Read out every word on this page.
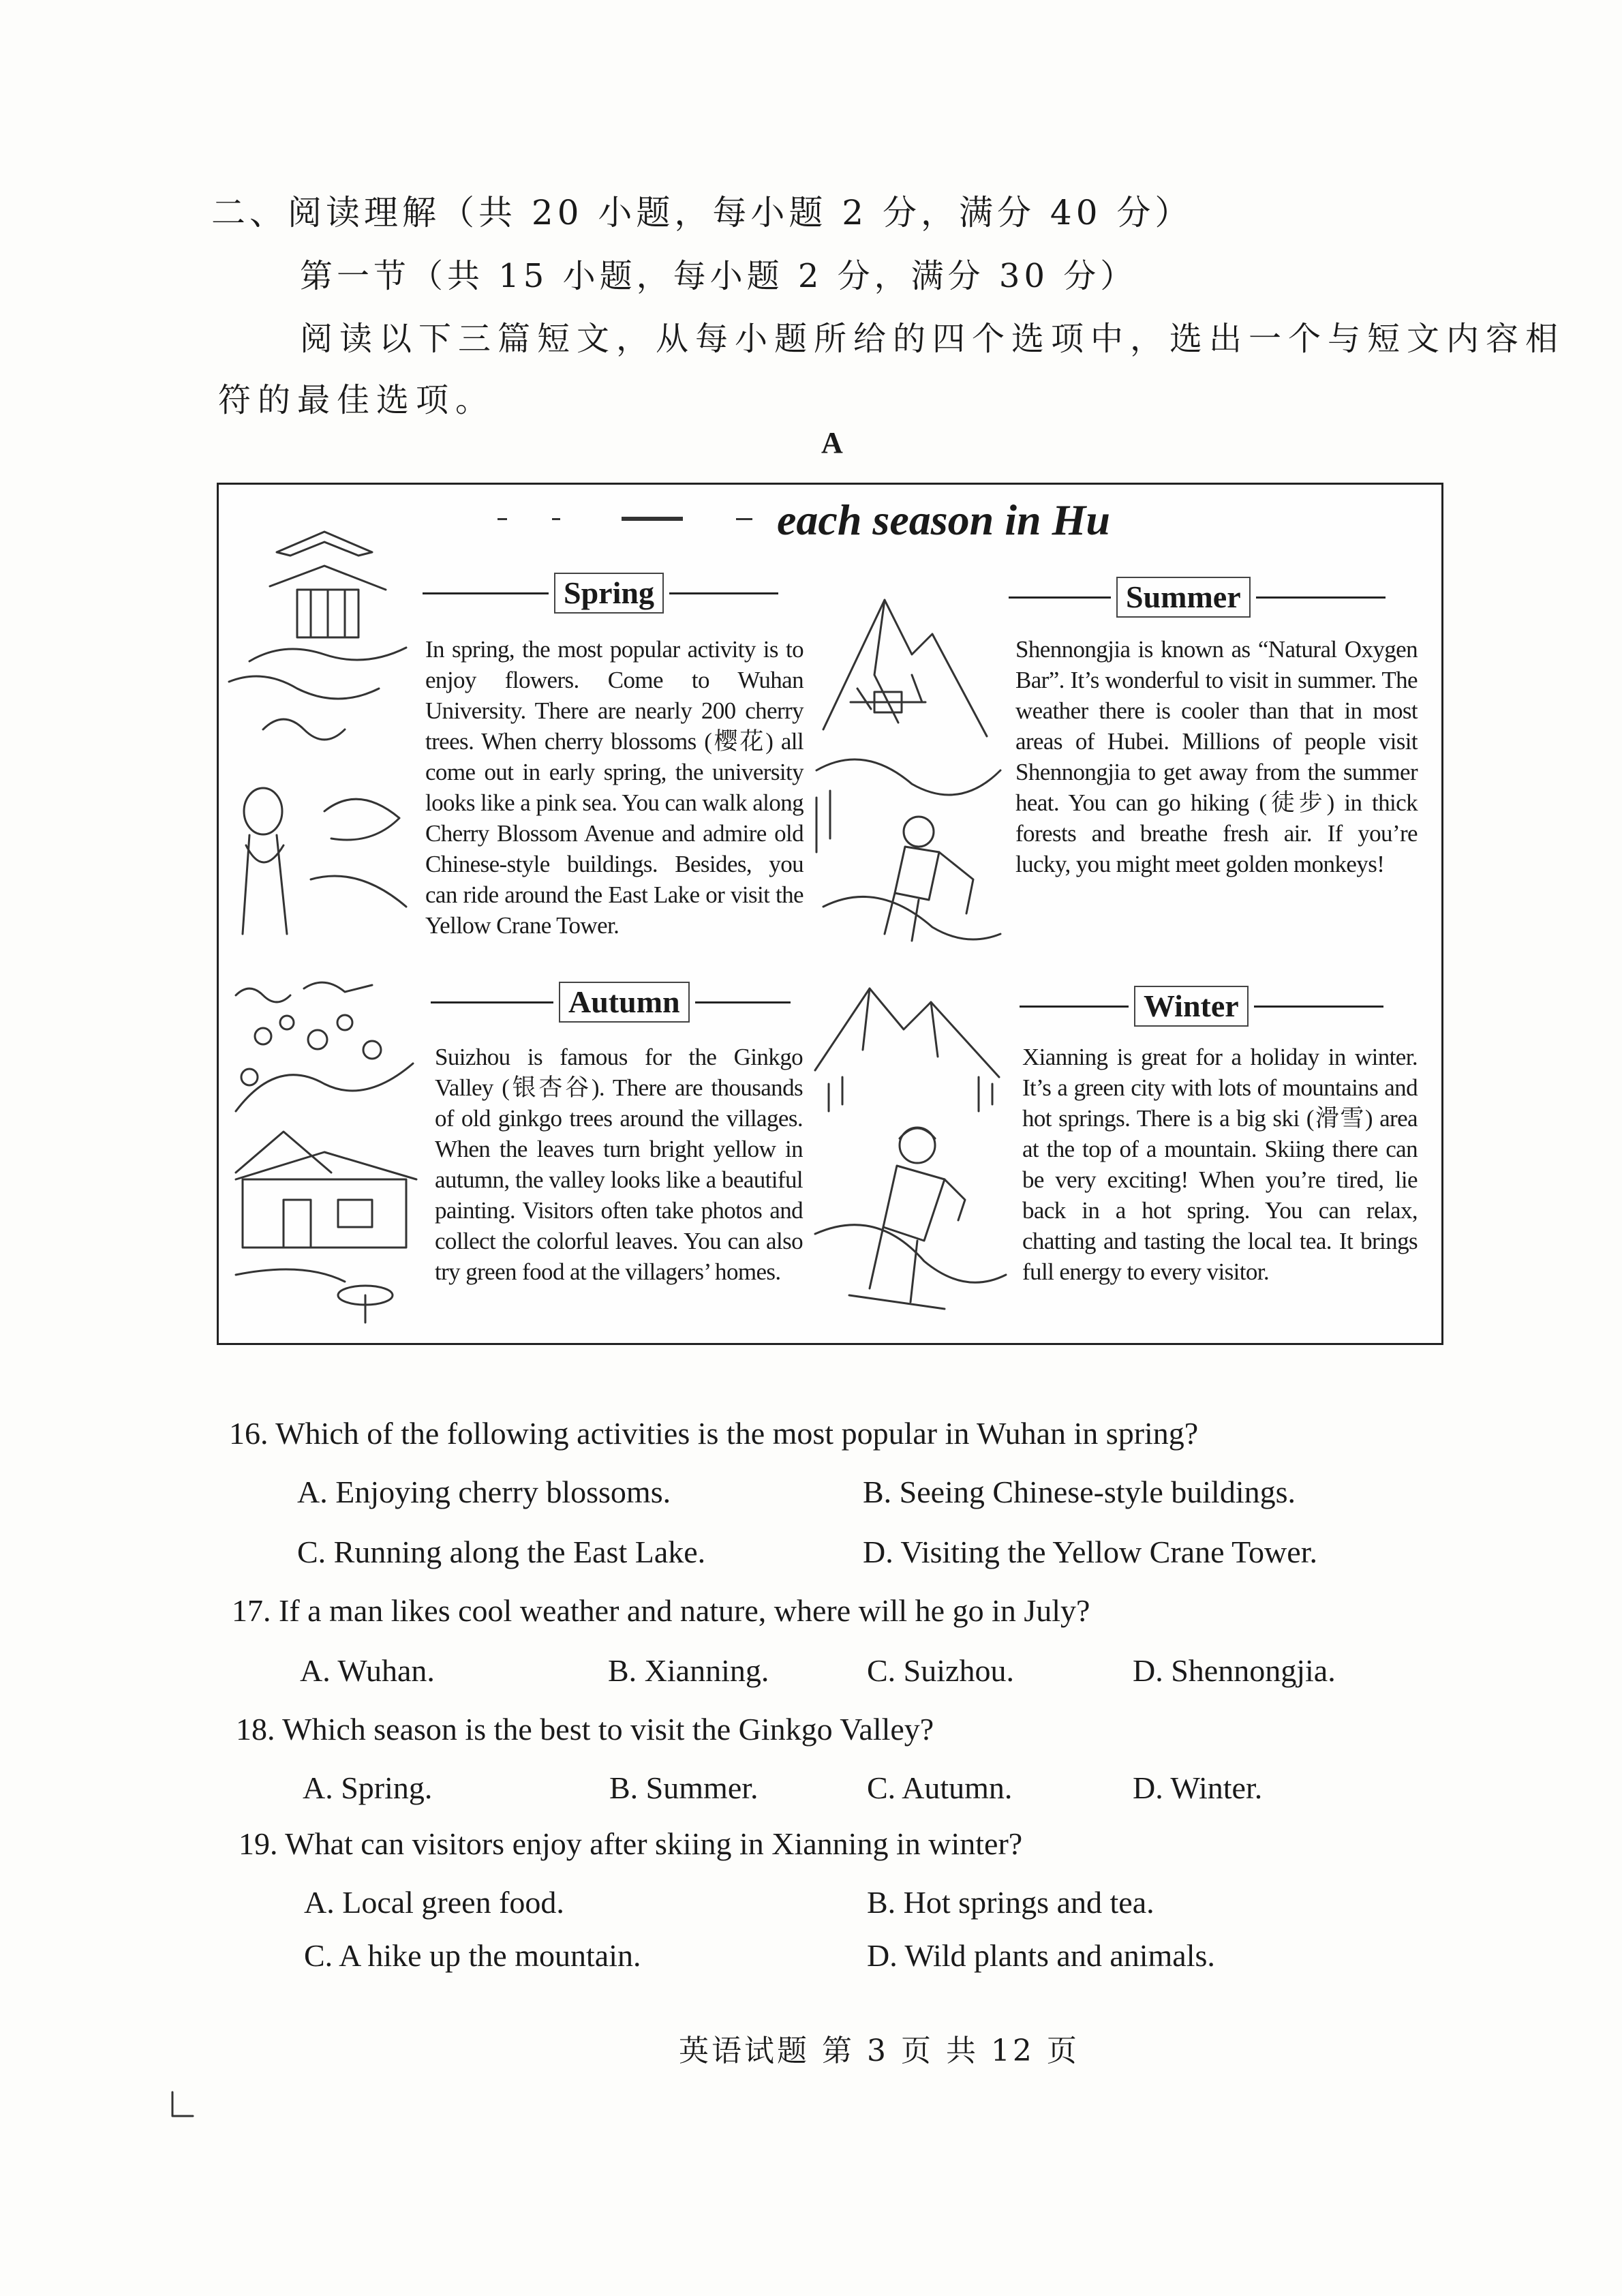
二、阅读理解（共 20 小题，每小题 2 分，满分 40 分）
第一节（共 15 小题，每小题 2 分，满分 30 分）
阅读以下三篇短文，从每小题所给的四个选项中，选出一个与短文内容相
符的最佳选项。
A
each season in Hu
Spring
In spring, the most popular activity is to enjoy flowers. Come to Wuhan University. There are nearly 200 cherry trees. When cherry blossoms (樱花) all come out in early spring, the university looks like a pink sea. You can walk along Cherry Blossom Avenue and admire old Chinese-style buildings. Besides, you can ride around the East Lake or visit the Yellow Crane Tower.
Summer
Shennongjia is known as “Natural Oxygen Bar”. It’s wonderful to visit in summer. The weather there is cooler than that in most areas of Hubei. Millions of people visit Shennongjia to get away from the summer heat. You can go hiking (徒步) in thick forests and breathe fresh air. If you’re lucky, you might meet golden monkeys!
Autumn
Suizhou is famous for the Ginkgo Valley (银杏谷). There are thousands of old ginkgo trees around the villages. When the leaves turn bright yellow in autumn, the valley looks like a beautiful painting. Visitors often take photos and collect the colorful leaves. You can also try green food at the villagers’ homes.
Winter
Xianning is great for a holiday in winter. It’s a green city with lots of mountains and hot springs. There is a big ski (滑雪) area at the top of a mountain. Skiing there can be very exciting! When you’re tired, lie back in a hot spring. You can relax, chatting and tasting the local tea. It brings full energy to every visitor.
16. Which of the following activities is the most popular in Wuhan in spring?
A. Enjoying cherry blossoms.	B. Seeing Chinese-style buildings.
C. Running along the East Lake.	D. Visiting the Yellow Crane Tower.
17. If a man likes cool weather and nature, where will he go in July?
A. Wuhan.	B. Xianning.	C. Suizhou.	D. Shennongjia.
18. Which season is the best to visit the Ginkgo Valley?
A. Spring.	B. Summer.	C. Autumn.	D. Winter.
19. What can visitors enjoy after skiing in Xianning in winter?
A. Local green food.	B. Hot springs and tea.
C. A hike up the mountain.	D. Wild plants and animals.
英语试题 第 3 页 共 12 页
